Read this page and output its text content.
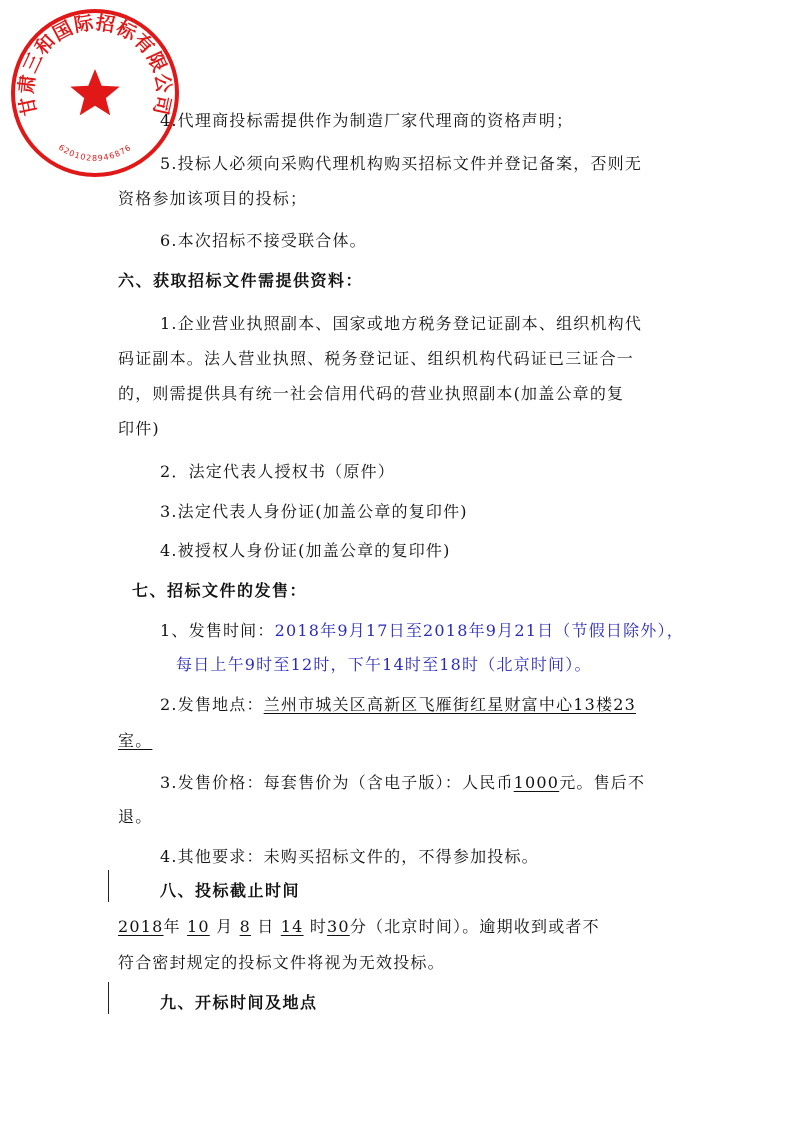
甘肃三和国际招标有限公司
6201028946876
4.代理商投标需提供作为制造厂家代理商的资格声明；
5.投标人必须向采购代理机构购买招标文件并登记备案，否则无
资格参加该项目的投标；
6.本次招标不接受联合体。
六、获取招标文件需提供资料：
1.企业营业执照副本、国家或地方税务登记证副本、组织机构代
码证副本。法人营业执照、税务登记证、组织机构代码证已三证合一
的，则需提供具有统一社会信用代码的营业执照副本(加盖公章的复
印件)
2．法定代表人授权书（原件）
3.法定代表人身份证(加盖公章的复印件)
4.被授权人身份证(加盖公章的复印件)
七、招标文件的发售：
1、发售时间：2018年9月17日至2018年9月21日（节假日除外），
每日上午9时至12时，下午14时至18时（北京时间）。
2.发售地点：兰州市城关区高新区飞雁街红星财富中心13楼23
室。
3.发售价格：每套售价为（含电子版）：人民币1000元。售后不
退。
4.其他要求：未购买招标文件的，不得参加投标。
八、投标截止时间
2018年 10 月 8 日 14 时30分（北京时间）。逾期收到或者不
符合密封规定的投标文件将视为无效投标。
九、开标时间及地点
